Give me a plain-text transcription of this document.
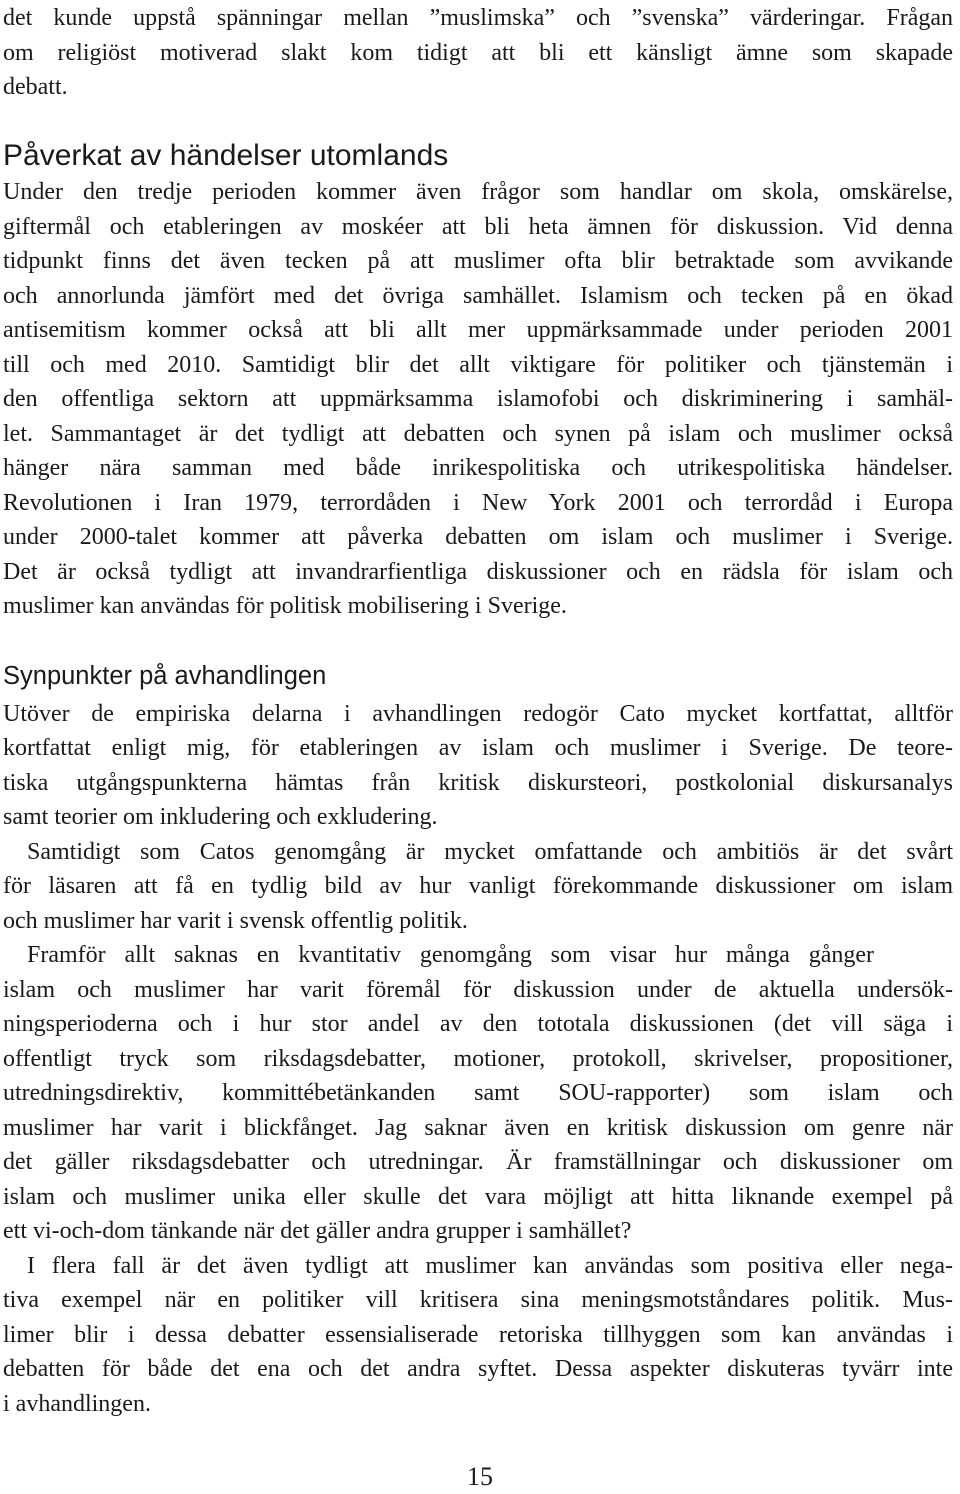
det kunde uppstå spänningar mellan ”muslimska” och ”svenska” värderingar. Frågan
om religiöst motiverad slakt kom tidigt att bli ett känsligt ämne som skapade
debatt.
Påverkat av händelser utomlands
Under den tredje perioden kommer även frågor som handlar om skola, omskärelse,
giftermål och etableringen av moskéer att bli heta ämnen för diskussion. Vid denna
tidpunkt finns det även tecken på att muslimer ofta blir betraktade som avvikande
och annorlunda jämfört med det övriga samhället. Islamism och tecken på en ökad
antisemitism kommer också att bli allt mer uppmärksammade under perioden 2001
till och med 2010. Samtidigt blir det allt viktigare för politiker och tjänstemän i
den offentliga sektorn att uppmärksamma islamofobi och diskriminering i samhäl-
let. Sammantaget är det tydligt att debatten och synen på islam och muslimer också
hänger nära samman med både inrikespolitiska och utrikespolitiska händelser.
Revolutionen i Iran 1979, terrordåden i New York 2001 och terrordåd i Europa
under 2000-talet kommer att påverka debatten om islam och muslimer i Sverige.
Det är också tydligt att invandrarfientliga diskussioner och en rädsla för islam och
muslimer kan användas för politisk mobilisering i Sverige.
Synpunkter på avhandlingen
Utöver de empiriska delarna i avhandlingen redogör Cato mycket kortfattat, alltför
kortfattat enligt mig, för etableringen av islam och muslimer i Sverige. De teore-
tiska utgångspunkterna hämtas från kritisk diskursteori, postkolonial diskursanalys
samt teorier om inkludering och exkludering.
Samtidigt som Catos genomgång är mycket omfattande och ambitiös är det svårt
för läsaren att få en tydlig bild av hur vanligt förekommande diskussioner om islam
och muslimer har varit i svensk offentlig politik.
Framför allt saknas en kvantitativ genomgång som visar hur många gånger
islam och muslimer har varit föremål för diskussion under de aktuella undersök-
ningsperioderna och i hur stor andel av den tototala diskussionen (det vill säga i
offentligt tryck som riksdagsdebatter, motioner, protokoll, skrivelser, propositioner,
utredningsdirektiv, kommittébetänkanden samt SOU-rapporter) som islam och
muslimer har varit i blickfånget. Jag saknar även en kritisk diskussion om genre när
det gäller riksdagsdebatter och utredningar. Är framställningar och diskussioner om
islam och muslimer unika eller skulle det vara möjligt att hitta liknande exempel på
ett vi-och-dom tänkande när det gäller andra grupper i samhället?
I flera fall är det även tydligt att muslimer kan användas som positiva eller nega-
tiva exempel när en politiker vill kritisera sina meningsmotståndares politik. Mus-
limer blir i dessa debatter essensialiserade retoriska tillhyggen som kan användas i
debatten för både det ena och det andra syftet. Dessa aspekter diskuteras tyvärr inte
i avhandlingen.
15
